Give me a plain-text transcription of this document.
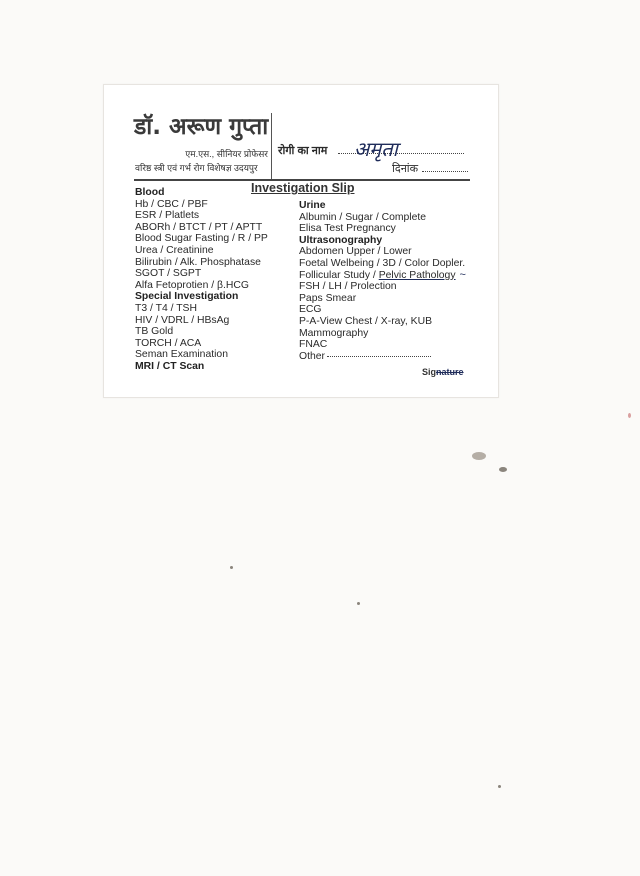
डॉ. अरूण गुप्ता
एम.एस., सीनियर प्रोफेसर
वरिष्ठ स्त्री एवं गर्भ रोग विशेषज्ञ उदयपुर
रोगी का नाम अमृता
दिनांक
Investigation Slip
Blood
Hb / CBC / PBF
ESR / Platlets
ABORh / BTCT / PT / APTT
Blood Sugar Fasting / R / PP
Urea / Creatinine
Bilirubin / Alk. Phosphatase
SGOT / SGPT
Alfa Fetoprotien / β.HCG
Special Investigation
T3 / T4 / TSH
HIV / VDRL / HBsAg
TB Gold
TORCH / ACA
Seman Examination
MRI / CT Scan
Urine
Albumin / Sugar / Complete
Elisa Test Pregnancy
Ultrasonography
Abdomen Upper / Lower
Foetal Welbeing / 3D / Color Dopler.
Follicular Study / Pelvic Pathology ~
FSH / LH / Prolection
Paps Smear
ECG
P-A-View Chest / X-ray, KUB
Mammography
FNAC
Other
Signature
